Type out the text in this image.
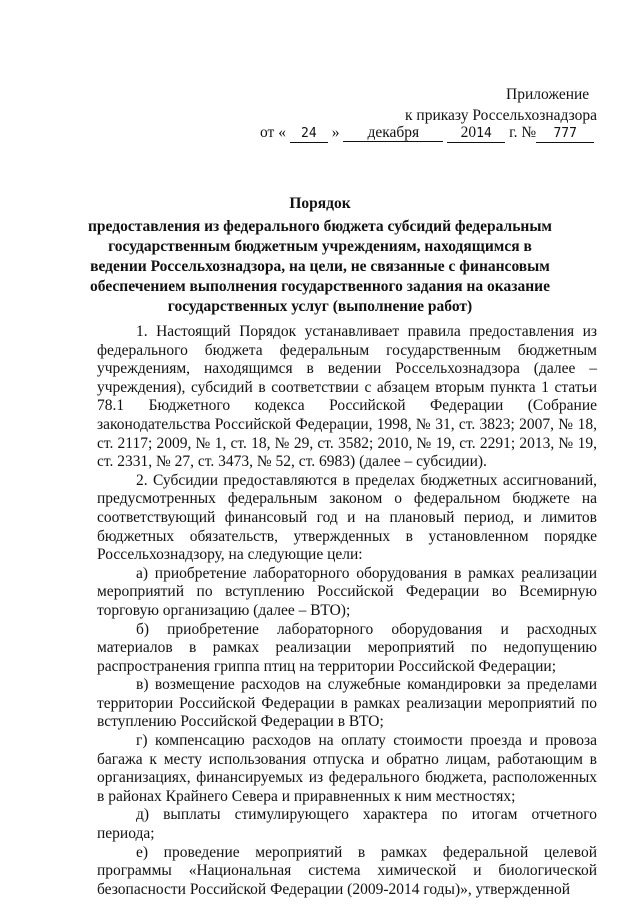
Приложение
к приказу Россельхознадзора
от « 24 » декабря	2014 г. № 777
Порядок
предоставления из федерального бюджета субсидий федеральным государственным бюджетным учреждениям, находящимся в ведении Россельхознадзора, на цели, не связанные с финансовым обеспечением выполнения государственного задания на оказание государственных услуг (выполнение работ)

1. Настоящий Порядок устанавливает правила предоставления из федерального бюджета федеральным государственным бюджетным учреждениям, находящимся в ведении Россельхознадзора (далее – учреждения), субсидий в соответствии с абзацем вторым пункта 1 статьи 78.1 Бюджетного кодекса Российской Федерации (Собрание законодательства Российской Федерации, 1998, № 31, ст. 3823; 2007, № 18, ст. 2117; 2009, № 1, ст. 18, № 29, ст. 3582; 2010, № 19, ст. 2291; 2013, № 19, ст. 2331, № 27, ст. 3473, № 52, ст. 6983) (далее – субсидии).

2. Субсидии предоставляются в пределах бюджетных ассигнований, предусмотренных федеральным законом о федеральном бюджете на соответствующий финансовый год и на плановый период, и лимитов бюджетных обязательств, утвержденных в установленном порядке Россельхознадзору, на следующие цели:

а) приобретение лабораторного оборудования в рамках реализации мероприятий по вступлению Российской Федерации во Всемирную торговую организацию (далее – ВТО);

б) приобретение лабораторного оборудования и расходных материалов в рамках реализации мероприятий по недопущению распространения гриппа птиц на территории Российской Федерации;

в) возмещение расходов на служебные командировки за пределами территории Российской Федерации в рамках реализации мероприятий по вступлению Российской Федерации в ВТО;

г) компенсацию расходов на оплату стоимости проезда и провоза багажа к месту использования отпуска и обратно лицам, работающим в организациях, финансируемых из федерального бюджета, расположенных в районах Крайнего Севера и приравненных к ним местностях;

д) выплаты стимулирующего характера по итогам отчетного периода;

е) проведение мероприятий в рамках федеральной целевой программы «Национальная система химической и биологической безопасности Российской Федерации (2009-2014 годы)», утвержденной
